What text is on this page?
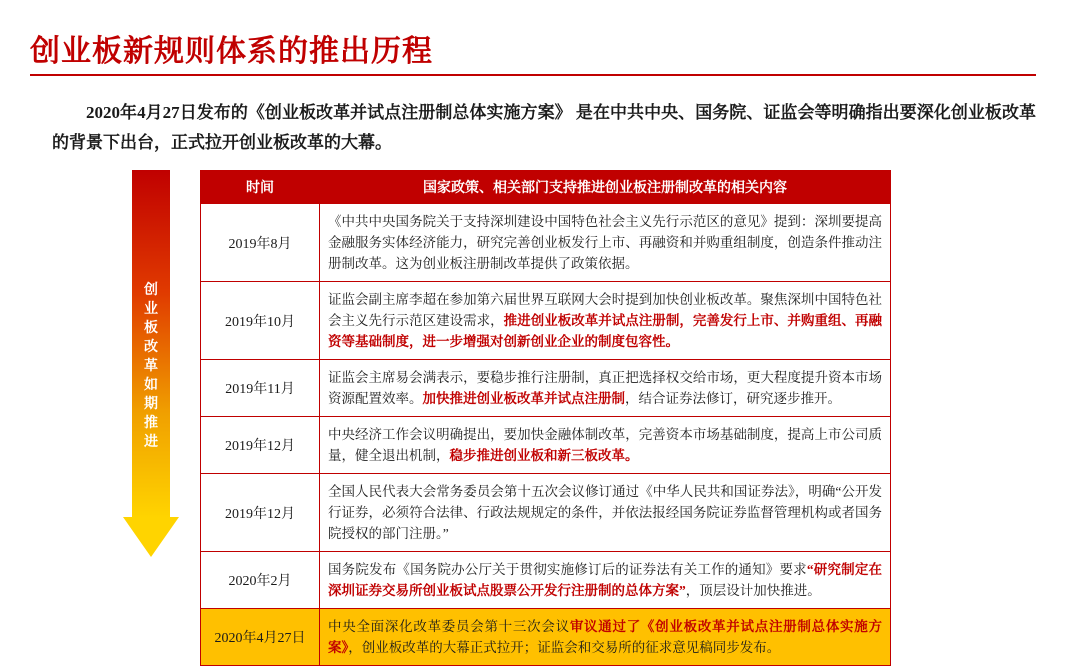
创业板新规则体系的推出历程
2020年4月27日发布的《创业板改革并试点注册制总体实施方案》 是在中共中央、国务院、证监会等明确指出要深化创业板改革的背景下出台，正式拉开创业板改革的大幕。
创
业
板
改
革
如
期
推
进
时间	国家政策、相关部门支持推进创业板注册制改革的相关内容
2019年8月	《中共中央国务院关于支持深圳建设中国特色社会主义先行示范区的意见》提到：深圳要提高金融服务实体经济能力，研究完善创业板发行上市、再融资和并购重组制度，创造条件推动注册制改革。这为创业板注册制改革提供了政策依据。
2019年10月	证监会副主席李超在参加第六届世界互联网大会时提到加快创业板改革。聚焦深圳中国特色社会主义先行示范区建设需求，推进创业板改革并试点注册制，完善发行上市、并购重组、再融资等基础制度，进一步增强对创新创业企业的制度包容性。
2019年11月	证监会主席易会满表示，要稳步推行注册制，真正把选择权交给市场，更大程度提升资本市场资源配置效率。加快推进创业板改革并试点注册制，结合证券法修订，研究逐步推开。
2019年12月	中央经济工作会议明确提出，要加快金融体制改革，完善资本市场基础制度，提高上市公司质量，健全退出机制，稳步推进创业板和新三板改革。
2019年12月	全国人民代表大会常务委员会第十五次会议修订通过《中华人民共和国证券法》，明确“公开发行证券，必须符合法律、行政法规规定的条件，并依法报经国务院证券监督管理机构或者国务院授权的部门注册。”
2020年2月	国务院发布《国务院办公厅关于贯彻实施修订后的证券法有关工作的通知》要求“研究制定在深圳证券交易所创业板试点股票公开发行注册制的总体方案”，顶层设计加快推进。
2020年4月27日	中央全面深化改革委员会第十三次会议审议通过了《创业板改革并试点注册制总体实施方案》，创业板改革的大幕正式拉开；证监会和交易所的征求意见稿同步发布。
